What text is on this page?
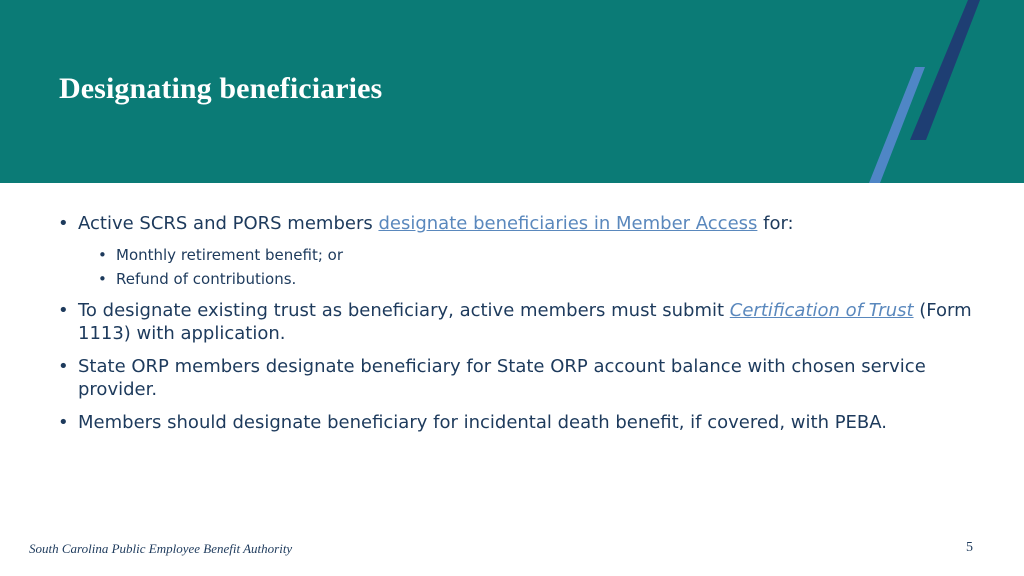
Designating beneficiaries
• Active SCRS and PORS members designate beneficiaries in Member Access for:
• Monthly retirement benefit; or
• Refund of contributions.
• To designate existing trust as beneficiary, active members must submit Certification of Trust (Form 1113) with application.
• State ORP members designate beneficiary for State ORP account balance with chosen service provider.
• Members should designate beneficiary for incidental death benefit, if covered, with PEBA.
South Carolina Public Employee Benefit Authority	5
